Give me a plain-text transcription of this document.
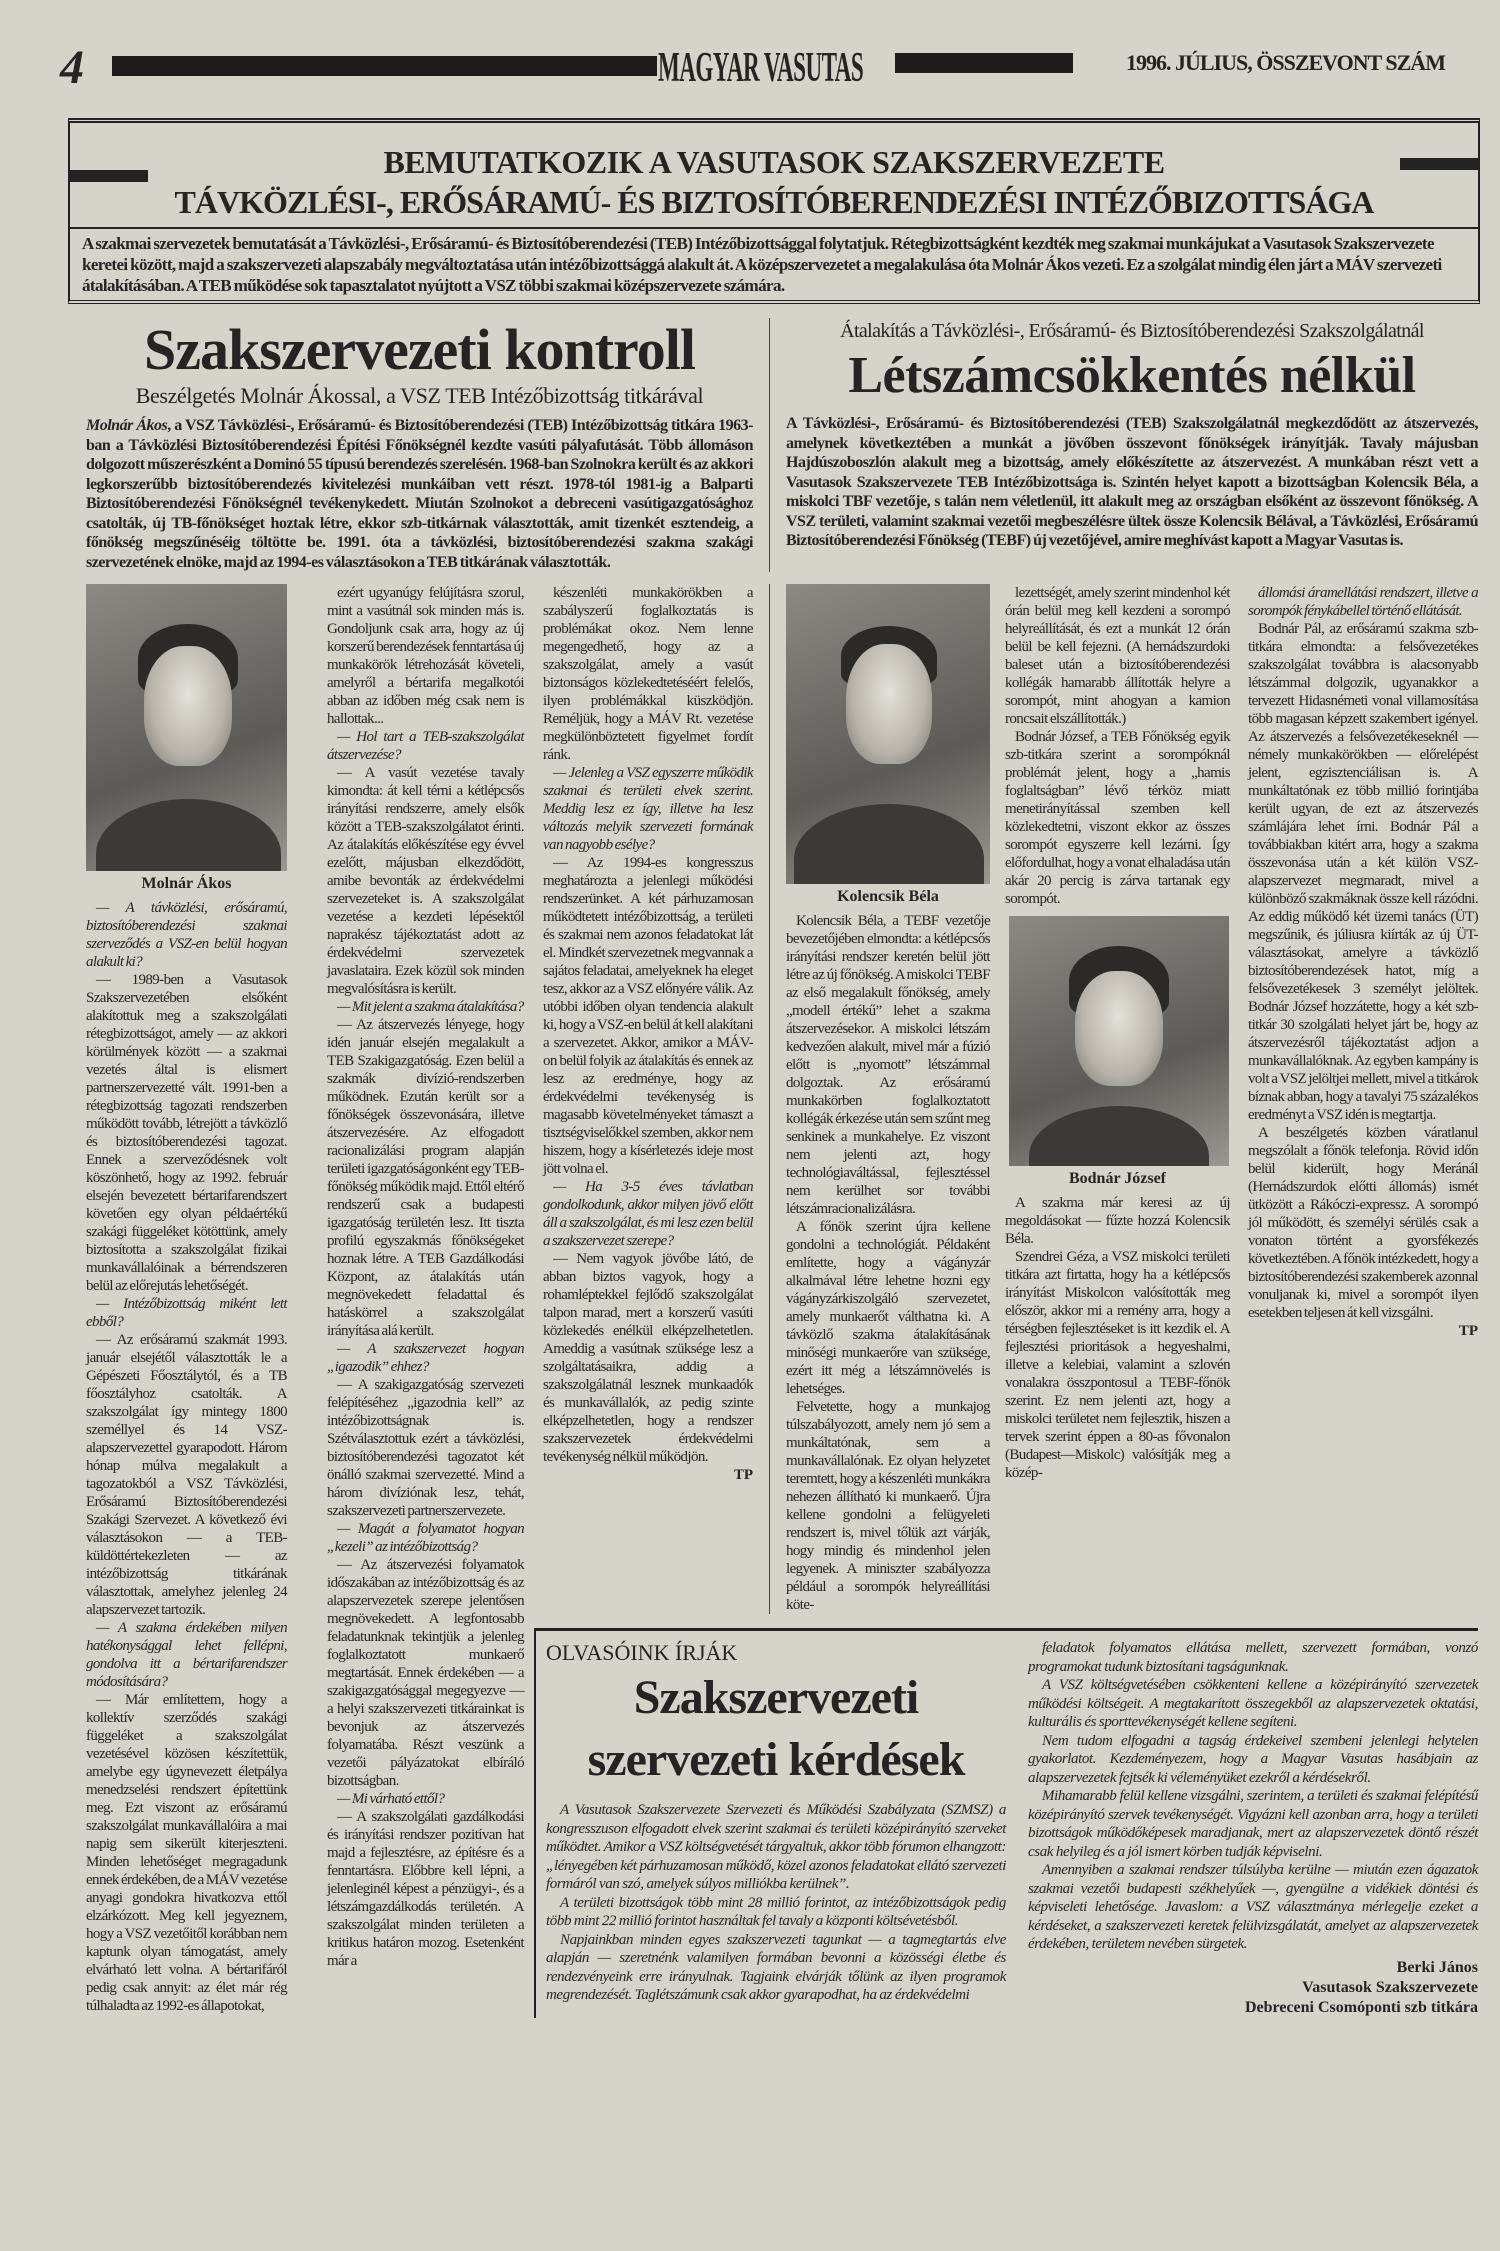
4	MAGYAR VASUTAS	1996. JÚLIUS, ÖSSZEVONT SZÁM
BEMUTATKOZIK A VASUTASOK SZAKSZERVEZETE
TÁVKÖZLÉSI-, ERŐSÁRAMÚ- ÉS BIZTOSÍTÓBERENDEZÉSI INTÉZŐBIZOTTSÁGA
A szakmai szervezetek bemutatását a Távközlési-, Erősáramú- és Biztosítóberendezési (TEB) Intézőbizottsággal folytatjuk. Rétegbizottságként kezdték meg szakmai munkájukat a Vasutasok Szakszervezete keretei között, majd a szakszervezeti alapszabály megváltoztatása után intézőbizottsággá alakult át. A középszervezetet a megalakulása óta Molnár Ákos vezeti. Ez a szolgálat mindig élen járt a MÁV szervezeti átalakításában. A TEB működése sok tapasztalatot nyújtott a VSZ többi szakmai középszervezete számára.
Szakszervezeti kontroll
Beszélgetés Molnár Ákossal, a VSZ TEB Intézőbizottság titkárával
Molnár Ákos, a VSZ Távközlési-, Erősáramú- és Biztosítóberendezési (TEB) Intézőbizottság titkára 1963-ban a Távközlési Biztosítóberendezési Építési Főnökségnél kezdte vasúti pályafutását. Több állomáson dolgozott műszerészként a Dominó 55 típusú berendezés szerelésén. 1968-ban Szolnokra került és az akkori legkorszerűbb biztosítóberendezés kivitelezési munkáiban vett részt. 1978-tól 1981-ig a Balparti Biztosítóberendezési Főnökségnél tevékenykedett. Miután Szolnokot a debreceni vasútigazgatósághoz csatolták, új TB-főnökséget hoztak létre, ekkor szb-titkárnak választották, amit tizenkét esztendeig, a főnökség megszűnéséig töltötte be. 1991. óta a távközlési, biztosítóberendezési szakma szakági szervezetének elnöke, majd az 1994-es választásokon a TEB titkárának választották.
Átalakítás a Távközlési-, Erősáramú- és Biztosítóberendezési Szakszolgálatnál
Létszámcsökkentés nélkül
A Távközlési-, Erősáramú- és Biztosítóberendezési (TEB) Szakszolgálatnál megkezdődött az átszervezés, amelynek következtében a munkát a jövőben összevont főnökségek irányítják. Tavaly májusban Hajdúszoboszlón alakult meg a bizottság, amely előkészítette az átszervezést. A munkában részt vett a Vasutasok Szakszervezete TEB Intézőbizottsága is. Szintén helyet kapott a bizottságban Kolencsik Béla, a miskolci TBF vezetője, s talán nem véletlenül, itt alakult meg az országban elsőként az összevont főnökség. A VSZ területi, valamint szakmai vezetői megbeszélésre ültek össze Kolencsik Bélával, a Távközlési, Erősáramú Biztosítóberendezési Főnökség (TEBF) új vezetőjével, amire meghívást kapott a Magyar Vasutas is.
Molnár Ákos

— A távközlési, erősáramú, biztosítóberendezési szakmai szerveződés a VSZ-en belül hogyan alakult ki?

— 1989-ben a Vasutasok Szakszervezetében elsőként alakítottuk meg a szakszolgálati rétegbizottságot, amely — az akkori körülmények között — a szakmai vezetés által is elismert partnerszervezetté vált. 1991-ben a rétegbizottság tagozati rendszerben működött tovább, létrejött a távközlő és biztosítóberendezési tagozat. Ennek a szerveződésnek volt köszönhető, hogy az 1992. február elsején bevezetett bértarifarendszert követően egy olyan példaértékű szakági függeléket kötöttünk, amely biztosította a szakszolgálat fizikai munkavállalóinak a bérrendszeren belül az előrejutás lehetőségét.

— Intézőbizottság miként lett ebből?

— Az erősáramú szakmát 1993. január elsejétől választották le a Gépészeti Főosztálytól, és a TB főosztályhoz csatolták. A szakszolgálat így mintegy 1800 személlyel és 14 VSZ-alapszervezettel gyarapodott. Három hónap múlva megalakult a tagozatokból a VSZ Távközlési, Erősáramú Biztosítóberendezési Szakági Szervezet. A következő évi választásokon — a TEB-küldöttértekezleten — az intézőbizottság titkárának választottak, amelyhez jelenleg 24 alapszervezet tartozik.

— A szakma érdekében milyen hatékonysággal lehet fellépni, gondolva itt a bértarifarendszer módosítására?

— Már említettem, hogy a kollektív szerződés szakági függeléket a szakszolgálat vezetésével közösen készítettük, amelybe egy úgynevezett életpálya menedzselési rendszert építettünk meg. Ezt viszont az erősáramú szakszolgálat munkavállalóira a mai napig sem sikerült kiterjeszteni. Minden lehetőséget megragadunk ennek érdekében, de a MÁV vezetése anyagi gondokra hivatkozva ettől elzárkózott. Meg kell jegyeznem, hogy a VSZ vezetőitől korábban nem kaptunk olyan támogatást, amely elvárható lett volna. A bértarifáról pedig csak annyit: az élet már rég túlhaladta az 1992-es állapotokat,

ezért ugyanúgy felújításra szorul, mint a vasútnál sok minden más is. Gondoljunk csak arra, hogy az új korszerű berendezések fenntartása új munkakörök létrehozását követeli, amelyről a bértarifa megalkotói abban az időben még csak nem is hallottak...

— Hol tart a TEB-szakszolgálat átszervezése?

— A vasút vezetése tavaly kimondta: át kell térni a kétlépcsős irányítási rendszerre, amely elsők között a TEB-szakszolgálatot érinti. Az átalakítás előkészítése egy évvel ezelőtt, májusban elkezdődött, amibe bevonták az érdekvédelmi szervezeteket is. A szakszolgálat vezetése a kezdeti lépésektől naprakész tájékoztatást adott az érdekvédelmi szervezetek javaslataira. Ezek közül sok minden megvalósításra is került.

— Mit jelent a szakma átalakítása?

— Az átszervezés lényege, hogy idén január elsején megalakult a TEB Szakigazgatóság. Ezen belül a szakmák divízió-rendszerben működnek. Ezután került sor a főnökségek összevonására, illetve átszervezésére. Az elfogadott racionalizálási program alapján területi igazgatóságonként egy TEB-főnökség működik majd. Ettől eltérő rendszerű csak a budapesti igazgatóság területén lesz. Itt tiszta profilú egyszakmás főnökségeket hoznak létre. A TEB Gazdálkodási Központ, az átalakítás után megnövekedett feladattal és hatáskörrel a szakszolgálat irányítása alá került.

— A szakszervezet hogyan „igazodik” ehhez?

— A szakigazgatóság szervezeti felépítéséhez „igazodnia kell” az intézőbizottságnak is. Szétválasztottuk ezért a távközlési, biztosítóberendezési tagozatot két önálló szakmai szervezetté. Mind a három divíziónak lesz, tehát, szakszervezeti partnerszervezete.

— Magát a folyamatot hogyan „kezeli” az intézőbizottság?

— Az átszervezési folyamatok időszakában az intézőbizottság és az alapszervezetek szerepe jelentősen megnövekedett. A legfontosabb feladatunknak tekintjük a jelenleg foglalkoztatott munkaerő megtartását. Ennek érdekében — a szakigazgatósággal megegyezve — a helyi szakszervezeti titkárainkat is bevonjuk az átszervezés folyamatába. Részt veszünk a vezetői pályázatokat elbíráló bizottságban.

— Mi várható ettől?

— A szakszolgálati gazdálkodási és irányítási rendszer pozitívan hat majd a fejlesztésre, az építésre és a fenntartásra. Előbbre kell lépni, a jelenleginél képest a pénzügyi-, és a létszámgazdálkodás területén. A szakszolgálat minden területen a kritikus határon mozog. Esetenként már a

készenléti munkakörökben a szabályszerű foglalkoztatás is problémákat okoz. Nem lenne megengedhető, hogy az a szakszolgálat, amely a vasút biztonságos közlekedtetéséért felelős, ilyen problémákkal küszködjön. Reméljük, hogy a MÁV Rt. vezetése megkülönböztetett figyelmet fordít ránk.

— Jelenleg a VSZ egyszerre működik szakmai és területi elvek szerint. Meddig lesz ez így, illetve ha lesz változás melyik szervezeti formának van nagyobb esélye?

— Az 1994-es kongresszus meghatározta a jelenlegi működési rendszerünket. A két párhuzamosan működtetett intézőbizottság, a területi és szakmai nem azonos feladatokat lát el. Mindkét szervezetnek megvannak a sajátos feladatai, amelyeknek ha eleget tesz, akkor az a VSZ előnyére válik. Az utóbbi időben olyan tendencia alakult ki, hogy a VSZ-en belül át kell alakítani a szervezetet. Akkor, amikor a MÁV-on belül folyik az átalakítás és ennek az lesz az eredménye, hogy az érdekvédelmi tevékenység is magasabb követelményeket támaszt a tisztségviselőkkel szemben, akkor nem hiszem, hogy a kísérletezés ideje most jött volna el.

— Ha 3-5 éves távlatban gondolkodunk, akkor milyen jövő előtt áll a szakszolgálat, és mi lesz ezen belül a szakszervezet szerepe?

— Nem vagyok jövőbe látó, de abban biztos vagyok, hogy a rohamléptekkel fejlődő szakszolgálat talpon marad, mert a korszerű vasúti közlekedés enélkül elképzelhetetlen. Ameddig a vasútnak szüksége lesz a szolgáltatásaikra, addig a szakszolgálatnál lesznek munkaadók és munkavállalók, az pedig szinte elképzelhetetlen, hogy a rendszer szakszervezetek érdekvédelmi tevékenység nélkül működjön.

TP
Kolencsik Béla

Kolencsik Béla, a TEBF vezetője bevezetőjében elmondta: a kétlépcsős irányítási rendszer keretén belül jött létre az új főnökség. A miskolci TEBF az első megalakult főnökség, amely „modell értékű” lehet a szakma átszervezésekor. A miskolci létszám kedvezően alakult, mivel már a fúzió előtt is „nyomott” létszámmal dolgoztak. Az erősáramú munkakörben foglalkoztatott kollégák érkezése után sem szűnt meg senkinek a munkahelye. Ez viszont nem jelenti azt, hogy technológiaváltással, fejlesztéssel nem kerülhet sor további létszámracionalizálásra.

A főnök szerint újra kellene gondolni a technológiát. Példaként említette, hogy a vágányzár alkalmával létre lehetne hozni egy vágányzárkiszolgáló szervezetet, amely munkaerőt válthatna ki. A távközlő szakma átalakításának minőségi munkaerőre van szüksége, ezért itt még a létszámnövelés is lehetséges.

Felvetette, hogy a munkajog túlszabályozott, amely nem jó sem a munkáltatónak, sem a munkavállalónak. Ez olyan helyzetet teremtett, hogy a készenléti munkákra nehezen állítható ki munkaerő. Újra kellene gondolni a felügyeleti rendszert is, mivel tőlük azt várják, hogy mindig és mindenhol jelen legyenek. A miniszter szabályozza például a sorompók helyreállítási köte-

lezettségét, amely szerint mindenhol két órán belül meg kell kezdeni a sorompó helyreállítását, és ezt a munkát 12 órán belül be kell fejezni. (A hernádszurdoki baleset után a biztosítóberendezési kollégák hamarabb állították helyre a sorompót, mint ahogyan a kamion roncsait elszállították.)

Bodnár József, a TEB Főnökség egyik szb-titkára szerint a sorompóknál problémát jelent, hogy a „hamis foglaltságban” lévő térköz miatt menetirányítással szemben kell közlekedtetni, viszont ekkor az összes sorompót egyszerre kell lezárni. Így előfordulhat, hogy a vonat elhaladása után akár 20 percig is zárva tartanak egy sorompót.

Bodnár József

A szakma már keresi az új megoldásokat — fűzte hozzá Kolencsik Béla.

Szendrei Géza, a VSZ miskolci területi titkára azt firtatta, hogy ha a kétlépcsős irányítást Miskolcon valósították meg először, akkor mi a remény arra, hogy a térségben fejlesztéseket is itt kezdik el. A fejlesztési prioritások a hegyeshalmi, illetve a kelebiai, valamint a szlovén vonalakra összpontosul a TEBF-főnök szerint. Ez nem jelenti azt, hogy a miskolci területet nem fejlesztik, hiszen a tervek szerint éppen a 80-as fővonalon (Budapest—Miskolc) valósítják meg a közép-

állomási áramellátási rendszert, illetve a sorompók fénykábellel történő ellátását.

Bodnár Pál, az erősáramú szakma szb-titkára elmondta: a felsővezetékes szakszolgálat továbbra is alacsonyabb létszámmal dolgozik, ugyanakkor a tervezett Hidasnémeti vonal villamosítása több magasan képzett szakembert igényel. Az átszervezés a felsővezetékeseknél — némely munkakörökben — előrelépést jelent, egzisztenciálisan is. A munkáltatónak ez több millió forintjába került ugyan, de ezt az átszervezés számlájára lehet írni. Bodnár Pál a továbbiakban kitért arra, hogy a szakma összevonása után a két külön VSZ-alapszervezet megmaradt, mivel a különböző szakmáknak össze kell rázódni. Az eddig működő két üzemi tanács (ÜT) megszűnik, és júliusra kiírták az új ÜT-választásokat, amelyre a távközlő biztosítóberendezések hatot, míg a felsővezetékesek 3 személyt jelöltek. Bodnár József hozzátette, hogy a két szb-titkár 30 szolgálati helyet járt be, hogy az átszervezésről tájékoztatást adjon a munkavállalóknak. Az egyben kampány is volt a VSZ jelöltjei mellett, mivel a titkárok bíznak abban, hogy a tavalyi 75 százalékos eredményt a VSZ idén is megtartja.

A beszélgetés közben váratlanul megszólalt a főnök telefonja. Rövid időn belül kiderült, hogy Meránál (Hernádszurdok előtti állomás) ismét ütközött a Rákóczi-expressz. A sorompó jól működött, és személyi sérülés csak a vonaton történt a gyorsfékezés következtében. A főnök intézkedett, hogy a biztosítóberendezési szakemberek azonnal vonuljanak ki, mivel a sorompót ilyen esetekben teljesen át kell vizsgálni.

TP
OLVASÓINK ÍRJÁK
Szakszervezeti
szervezeti kérdések

A Vasutasok Szakszervezete Szervezeti és Működési Szabályzata (SZMSZ) a kongresszuson elfogadott elvek szerint szakmai és területi középirányító szerveket működtet. Amikor a VSZ költségvetését tárgyaltuk, akkor több fórumon elhangzott: „lényegében két párhuzamosan működő, közel azonos feladatokat ellátó szervezeti formáról van szó, amelyek súlyos milliókba kerülnek”.

A területi bizottságok több mint 28 millió forintot, az intézőbizottságok pedig több mint 22 millió forintot használtak fel tavaly a központi költsévetésből.

Napjainkban minden egyes szakszervezeti tagunkat — a tagmegtartás elve alapján — szeretnénk valamilyen formában bevonni a közösségi életbe és rendezvényeink erre irányulnak. Tagjaink elvárják tőlünk az ilyen programok megrendezését. Taglétszámunk csak akkor gyarapodhat, ha az érdekvédelmi

feladatok folyamatos ellátása mellett, szervezett formában, vonzó programokat tudunk biztosítani tagságunknak.

A VSZ költségvetésében csökkenteni kellene a középirányító szervezetek működési költségeit. A megtakarított összegekből az alapszervezetek oktatási, kulturális és sporttevékenységét kellene segíteni.

Nem tudom elfogadni a tagság érdekeivel szembeni jelenlegi helytelen gyakorlatot. Kezdeményezem, hogy a Magyar Vasutas hasábjain az alapszervezetek fejtsék ki véleményüket ezekről a kérdésekről.

Mihamarabb felül kellene vizsgálni, szerintem, a területi és szakmai felépítésű középirányító szervek tevékenységét. Vigyázni kell azonban arra, hogy a területi bizottságok működőképesek maradjanak, mert az alapszervezetek döntő részét csak helyileg és a jól ismert körben tudják képviselni.

Amennyiben a szakmai rendszer túlsúlyba kerülne — miután ezen ágazatok szakmai vezetői budapesti székhelyűek —, gyengülne a vidékiek döntési és képviseleti lehetősége. Javaslom: a VSZ választmánya mérlegelje ezeket a kérdéseket, a szakszervezeti keretek felülvizsgálatát, amelyet az alapszervezetek érdekében, területem nevében sürgetek.

Berki János
Vasutasok Szakszervezete
Debreceni Csomóponti szb titkára
